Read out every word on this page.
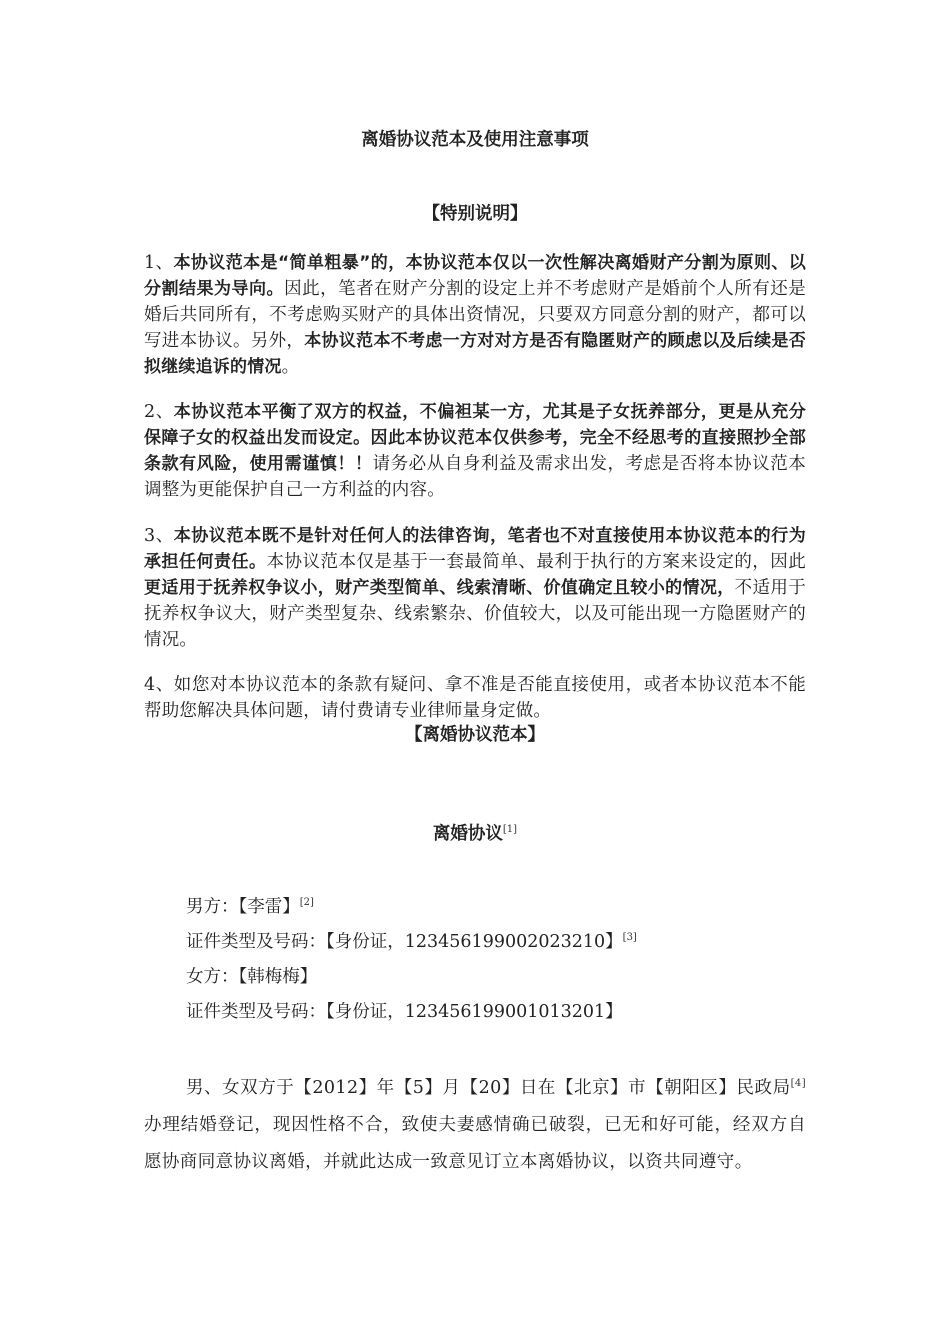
离婚协议范本及使用注意事项
【特别说明】
1、本协议范本是“简单粗暴”的，本协议范本仅以一次性解决离婚财产分割为原则、以分割结果为导向。因此，笔者在财产分割的设定上并不考虑财产是婚前个人所有还是婚后共同所有，不考虑购买财产的具体出资情况，只要双方同意分割的财产，都可以写进本协议。另外，本协议范本不考虑一方对对方是否有隐匿财产的顾虑以及后续是否拟继续追诉的情况。
2、本协议范本平衡了双方的权益，不偏袒某一方，尤其是子女抚养部分，更是从充分保障子女的权益出发而设定。因此本协议范本仅供参考，完全不经思考的直接照抄全部条款有风险，使用需谨慎！！请务必从自身利益及需求出发，考虑是否将本协议范本调整为更能保护自己一方利益的内容。
3、本协议范本既不是针对任何人的法律咨询，笔者也不对直接使用本协议范本的行为承担任何责任。本协议范本仅是基于一套最简单、最利于执行的方案来设定的，因此更适用于抚养权争议小，财产类型简单、线索清晰、价值确定且较小的情况，不适用于抚养权争议大，财产类型复杂、线索繁杂、价值较大，以及可能出现一方隐匿财产的情况。
4、如您对本协议范本的条款有疑问、拿不准是否能直接使用，或者本协议范本不能帮助您解决具体问题，请付费请专业律师量身定做。
【离婚协议范本】
离婚协议[1]
男方：【李雷】[2]
证件类型及号码：【身份证，123456199002023210】[3]
女方：【韩梅梅】
证件类型及号码：【身份证，123456199001013201】
男、女双方于【2012】年【5】月【20】日在【北京】市【朝阳区】民政局[4]办理结婚登记，现因性格不合，致使夫妻感情确已破裂，已无和好可能，经双方自愿协商同意协议离婚，并就此达成一致意见订立本离婚协议，以资共同遵守。
